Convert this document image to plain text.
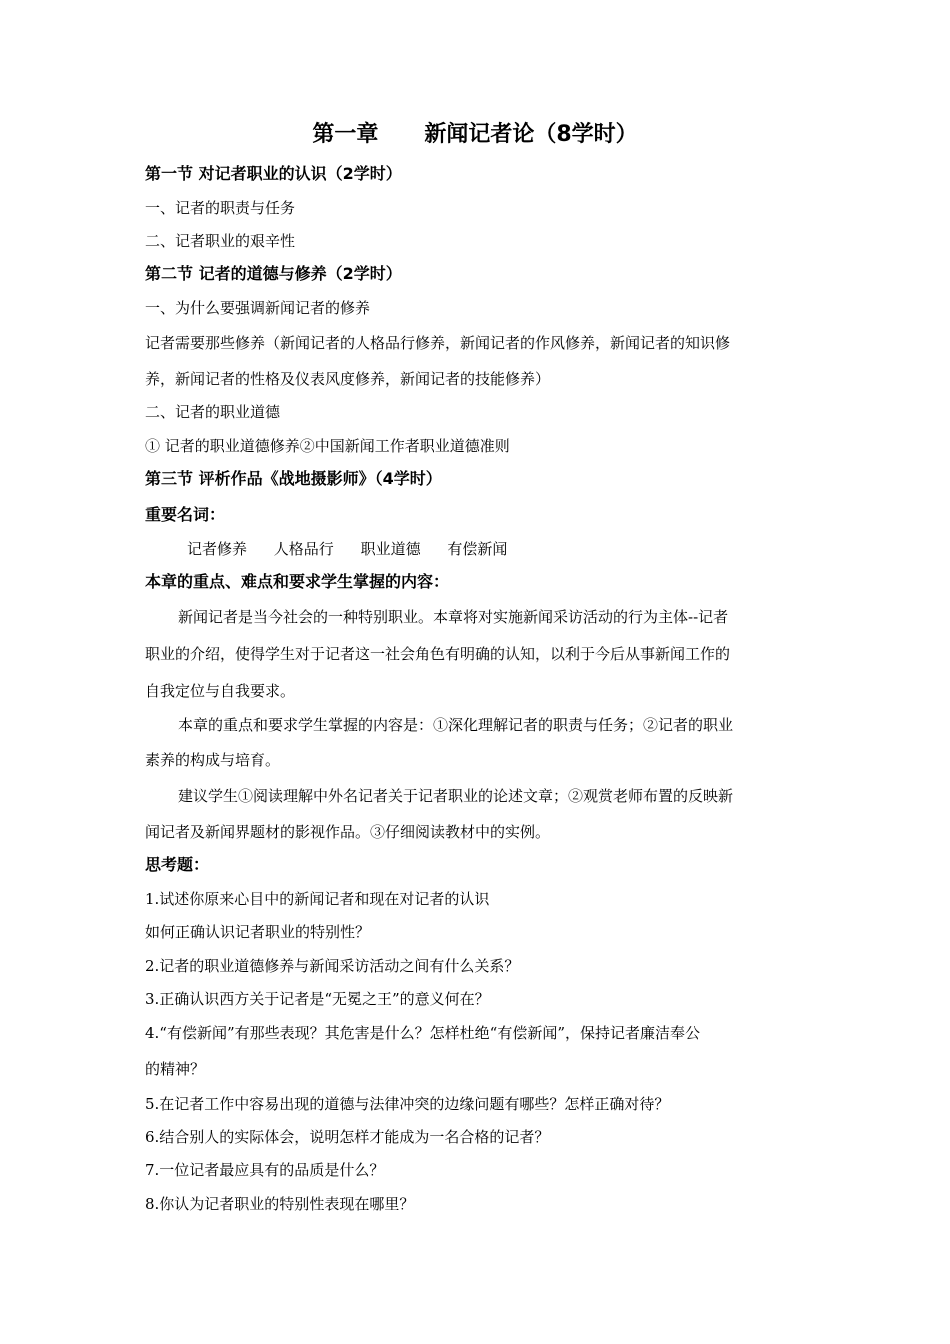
第一章      新闻记者论（8学时）
第一节 对记者职业的认识（2学时）
一、记者的职责与任务
二、记者职业的艰辛性
第二节 记者的道德与修养（2学时）
一、为什么要强调新闻记者的修养
记者需要那些修养（新闻记者的人格品行修养，新闻记者的作风修养，新闻记者的知识修
养，新闻记者的性格及仪表风度修养，新闻记者的技能修养）
二、记者的职业道德
① 记者的职业道德修养②中国新闻工作者职业道德准则
第三节 评析作品《战地摄影师》（4学时）
重要名词：
记者修养 人格品行 职业道德 有偿新闻
本章的重点、难点和要求学生掌握的内容：
新闻记者是当今社会的一种特别职业。本章将对实施新闻采访活动的行为主体--记者
职业的介绍，使得学生对于记者这一社会角色有明确的认知，以利于今后从事新闻工作的
自我定位与自我要求。
本章的重点和要求学生掌握的内容是：①深化理解记者的职责与任务；②记者的职业
素养的构成与培育。
建议学生①阅读理解中外名记者关于记者职业的论述文章；②观赏老师布置的反映新
闻记者及新闻界题材的影视作品。③仔细阅读教材中的实例。
思考题：
1.试述你原来心目中的新闻记者和现在对记者的认识
如何正确认识记者职业的特别性？
2.记者的职业道德修养与新闻采访活动之间有什么关系？
3.正确认识西方关于记者是“无冕之王”的意义何在？
4.“有偿新闻”有那些表现？其危害是什么？怎样杜绝“有偿新闻”，保持记者廉洁奉公
的精神？
5.在记者工作中容易出现的道德与法律冲突的边缘问题有哪些？怎样正确对待？
6.结合别人的实际体会，说明怎样才能成为一名合格的记者？
7.一位记者最应具有的品质是什么？
8.你认为记者职业的特别性表现在哪里？
